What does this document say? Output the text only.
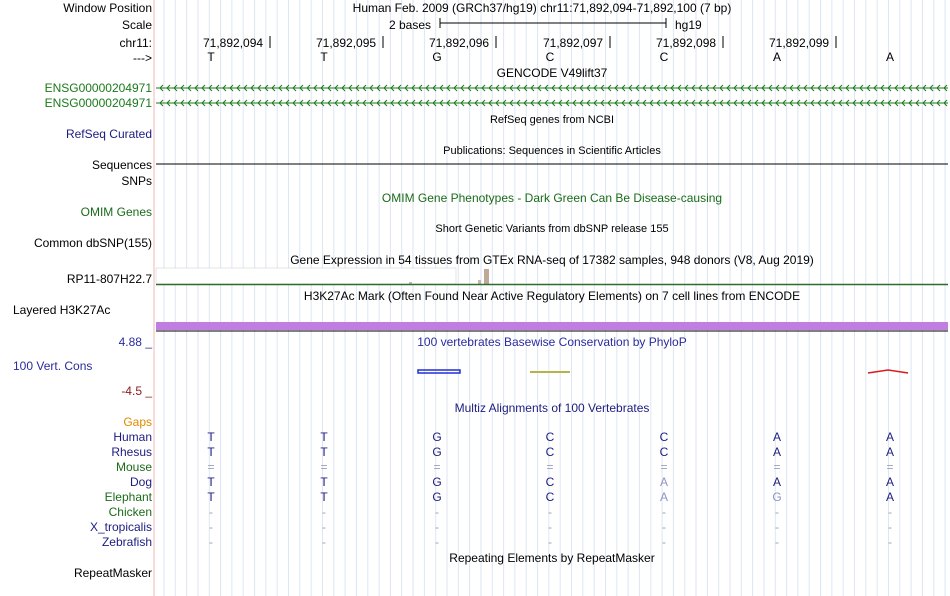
Window Position	Human Feb. 2009 (GRCh37/hg19) chr11:71,892,094-71,892,100 (7 bp)
Scale	2 bases	hg19
chr11:
--->
71,892,094	71,892,095	71,892,096	71,892,097	71,892,098	71,892,099
T	T	G	C	C	A	A
GENCODE V49lift37
ENSG00000204971
ENSG00000204971
RefSeq Curated
RefSeq genes from NCBI
Sequences
Publications: Sequences in Scientific Articles
SNPs
OMIM Gene Phenotypes - Dark Green Can Be Disease-causing
OMIM Genes
Short Genetic Variants from dbSNP release 155
Common dbSNP(155)
Gene Expression in 54 tissues from GTEx RNA-seq of 17382 samples, 948 donors (V8, Aug 2019)
RP11-807H22.7
H3K27Ac Mark (Often Found Near Active Regulatory Elements) on 7 cell lines from ENCODE
Layered H3K27Ac
4.88 _	100 vertebrates Basewise Conservation by PhyloP
100 Vert. Cons
-4.5 _
Multiz Alignments of 100 Vertebrates
Gaps
Human	T	T	G	C	C	A	A
Rhesus	T	T	G	C	C	A	A
Mouse	=	=	=	=	=	=	=
Dog	T	T	G	C	A	A	A
Elephant	T	T	G	C	A	G	A
Chicken	-	-	-	-	-	-	-
X_tropicalis	-	-	-	-	-	-	-
Zebrafish	-	-	-	-	-	-	-
Repeating Elements by RepeatMasker
RepeatMasker
